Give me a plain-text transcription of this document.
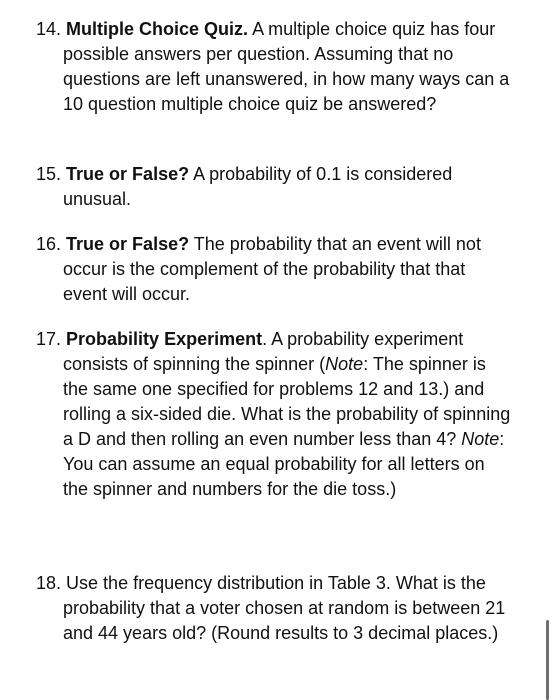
14. Multiple Choice Quiz. A multiple choice quiz has four possible answers per question. Assuming that no questions are left unanswered, in how many ways can a 10 question multiple choice quiz be answered?
15. True or False? A probability of 0.1 is considered unusual.
16. True or False? The probability that an event will not occur is the complement of the probability that that event will occur.
17. Probability Experiment. A probability experiment consists of spinning the spinner (Note: The spinner is the same one specified for problems 12 and 13.) and rolling a six-sided die. What is the probability of spinning a D and then rolling an even number less than 4? Note: You can assume an equal probability for all letters on the spinner and numbers for the die toss.)
18. Use the frequency distribution in Table 3. What is the probability that a voter chosen at random is between 21 and 44 years old? (Round results to 3 decimal places.)
